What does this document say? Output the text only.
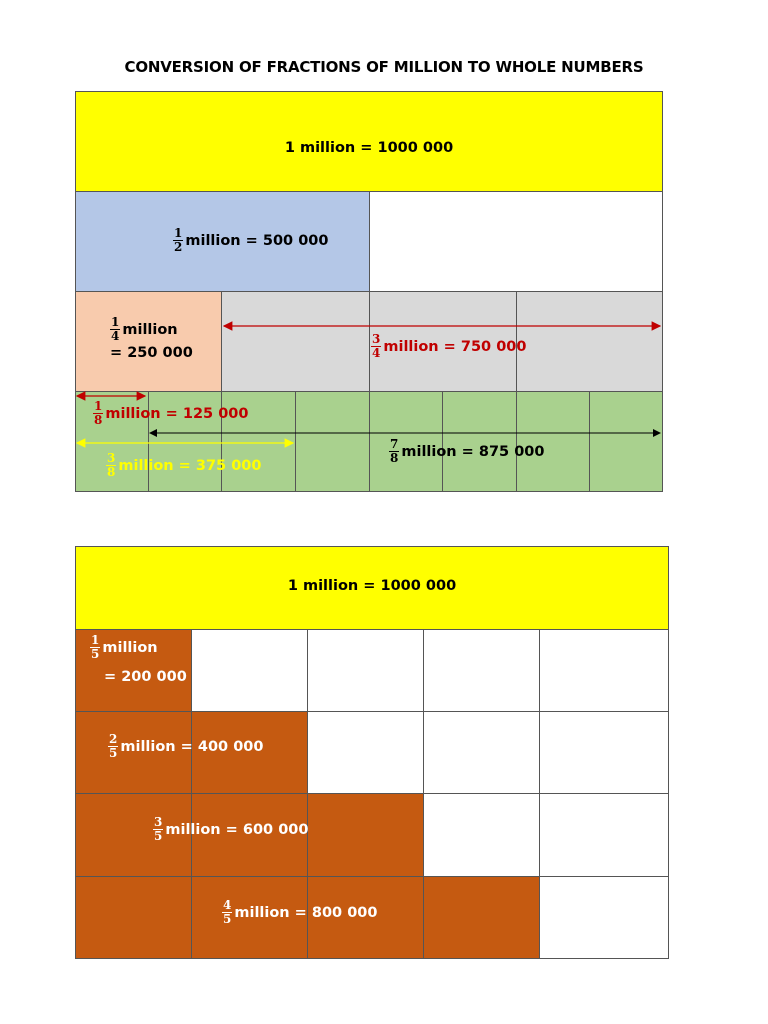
CONVERSION OF FRACTIONS OF MILLION TO WHOLE NUMBERS
1 million = 1000 000
$\frac{1}{2}$ million = 500 000
$\frac{1}{4}$ million
= 250 000	$\frac{3}{4}$ million = 750 000
$\frac{1}{8}$ million = 125 000
$\frac{3}{8}$ million = 375 000
$\frac{7}{8}$ million = 875 000
1 million = 1000 000
$\frac{1}{5}$ million
= 200 000
$\frac{2}{5}$ million = 400 000
$\frac{3}{5}$ million = 600 000
$\frac{4}{5}$ million = 800 000
